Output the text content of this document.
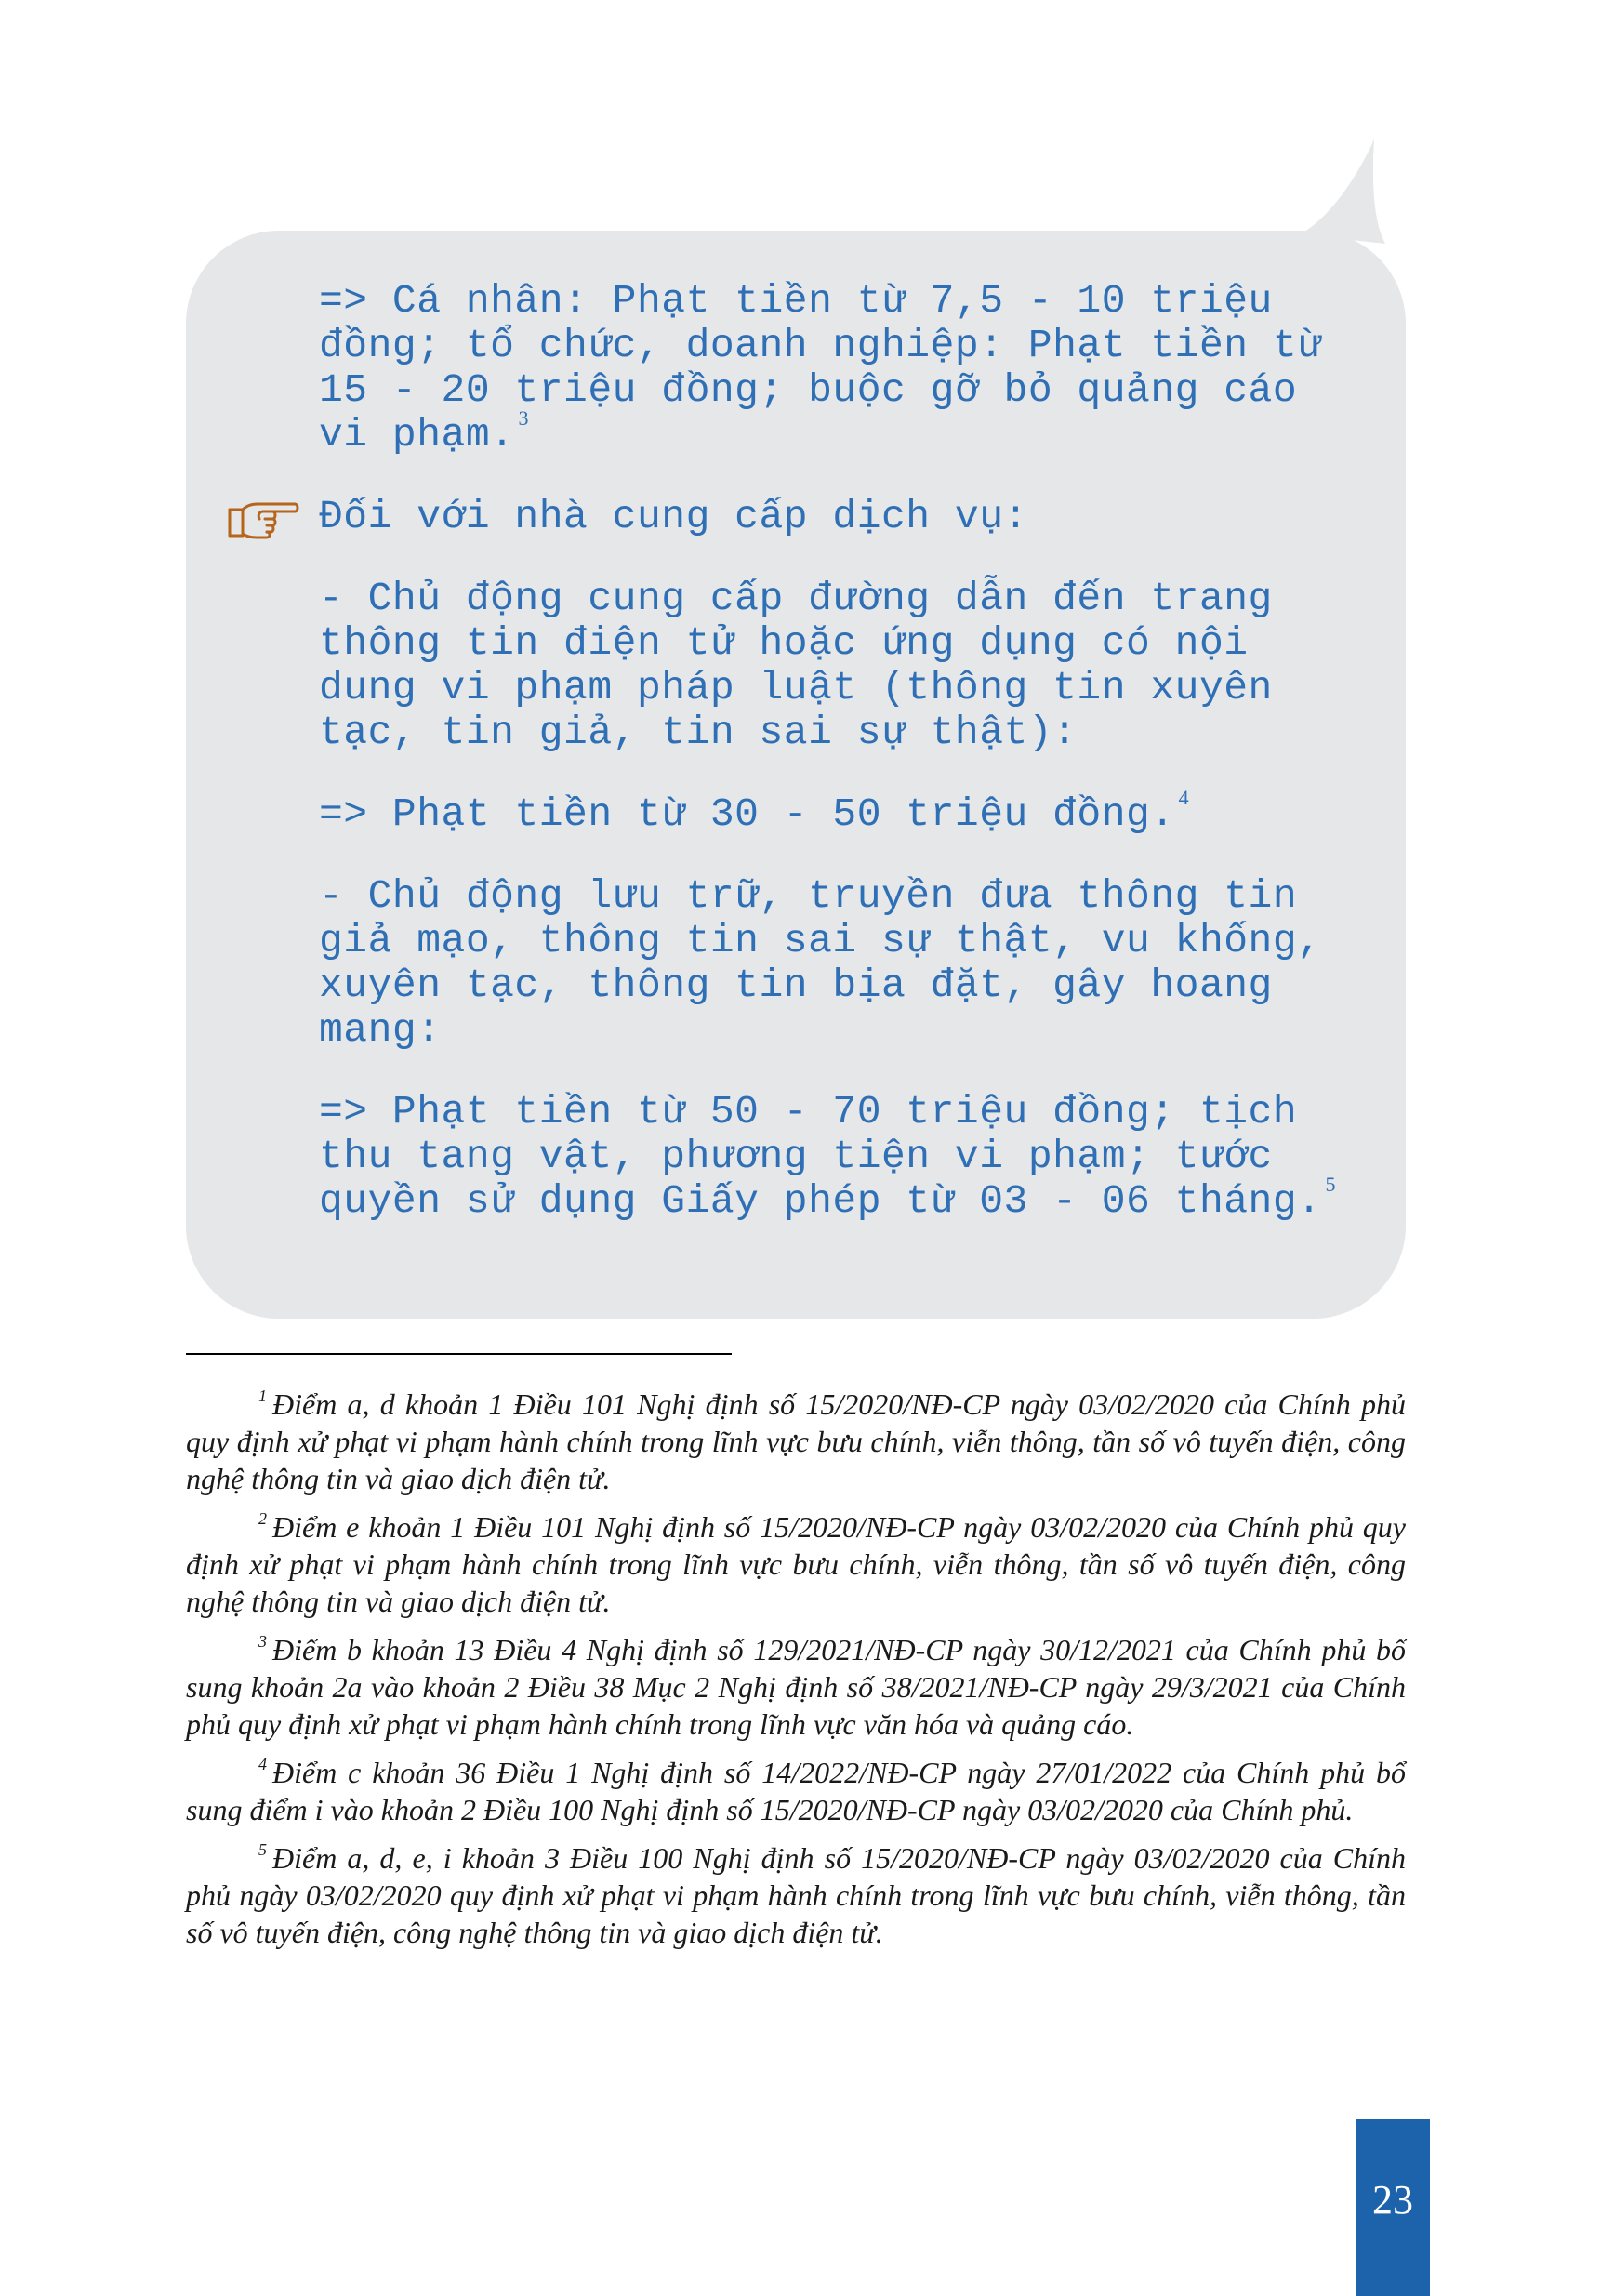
=> Cá nhân: Phạt tiền từ 7,5 - 10 triệu đồng; tổ chức, doanh nghiệp: Phạt tiền từ 15 - 20 triệu đồng; buộc gỡ bỏ quảng cáo vi phạm. $^3$

Đối với nhà cung cấp dịch vụ:

- Chủ động cung cấp đường dẫn đến trang thông tin điện tử hoặc ứng dụng có nội dung vi phạm pháp luật (thông tin xuyên tạc, tin giả, tin sai sự thật):

=> Phạt tiền từ 30 - 50 triệu đồng. $^4$

- Chủ động lưu trữ, truyền đưa thông tin giả mạo, thông tin sai sự thật, vu khống, xuyên tạc, thông tin bịa đặt, gây hoang mang:

=> Phạt tiền từ 50 - 70 triệu đồng; tịch thu tang vật, phương tiện vi phạm; tước quyền sử dụng Giấy phép từ 03 - 06 tháng. $^5$

$^1$ Điểm a, d khoản 1 Điều 101 Nghị định số 15/2020/NĐ-CP ngày 03/02/2020 của Chính phủ quy định xử phạt vi phạm hành chính trong lĩnh vực bưu chính, viễn thông, tần số vô tuyến điện, công nghệ thông tin và giao dịch điện tử.

$^2$ Điểm e khoản 1 Điều 101 Nghị định số 15/2020/NĐ-CP ngày 03/02/2020 của Chính phủ quy định xử phạt vi phạm hành chính trong lĩnh vực bưu chính, viễn thông, tần số vô tuyến điện, công nghệ thông tin và giao dịch điện tử.

$^3$ Điểm b khoản 13 Điều 4 Nghị định số 129/2021/NĐ-CP ngày 30/12/2021 của Chính phủ bổ sung khoản 2a vào khoản 2 Điều 38 Mục 2 Nghị định số 38/2021/NĐ-CP ngày 29/3/2021 của Chính phủ quy định xử phạt vi phạm hành chính trong lĩnh vực văn hóa và quảng cáo.

$^4$ Điểm c khoản 36 Điều 1 Nghị định số 14/2022/NĐ-CP ngày 27/01/2022 của Chính phủ bổ sung điểm i vào khoản 2 Điều 100 Nghị định số 15/2020/NĐ-CP ngày 03/02/2020 của Chính phủ.

$^5$ Điểm a, d, e, i khoản 3 Điều 100 Nghị định số 15/2020/NĐ-CP ngày 03/02/2020 của Chính phủ ngày 03/02/2020 quy định xử phạt vi phạm hành chính trong lĩnh vực bưu chính, viễn thông, tần số vô tuyến điện, công nghệ thông tin và giao dịch điện tử.

23
